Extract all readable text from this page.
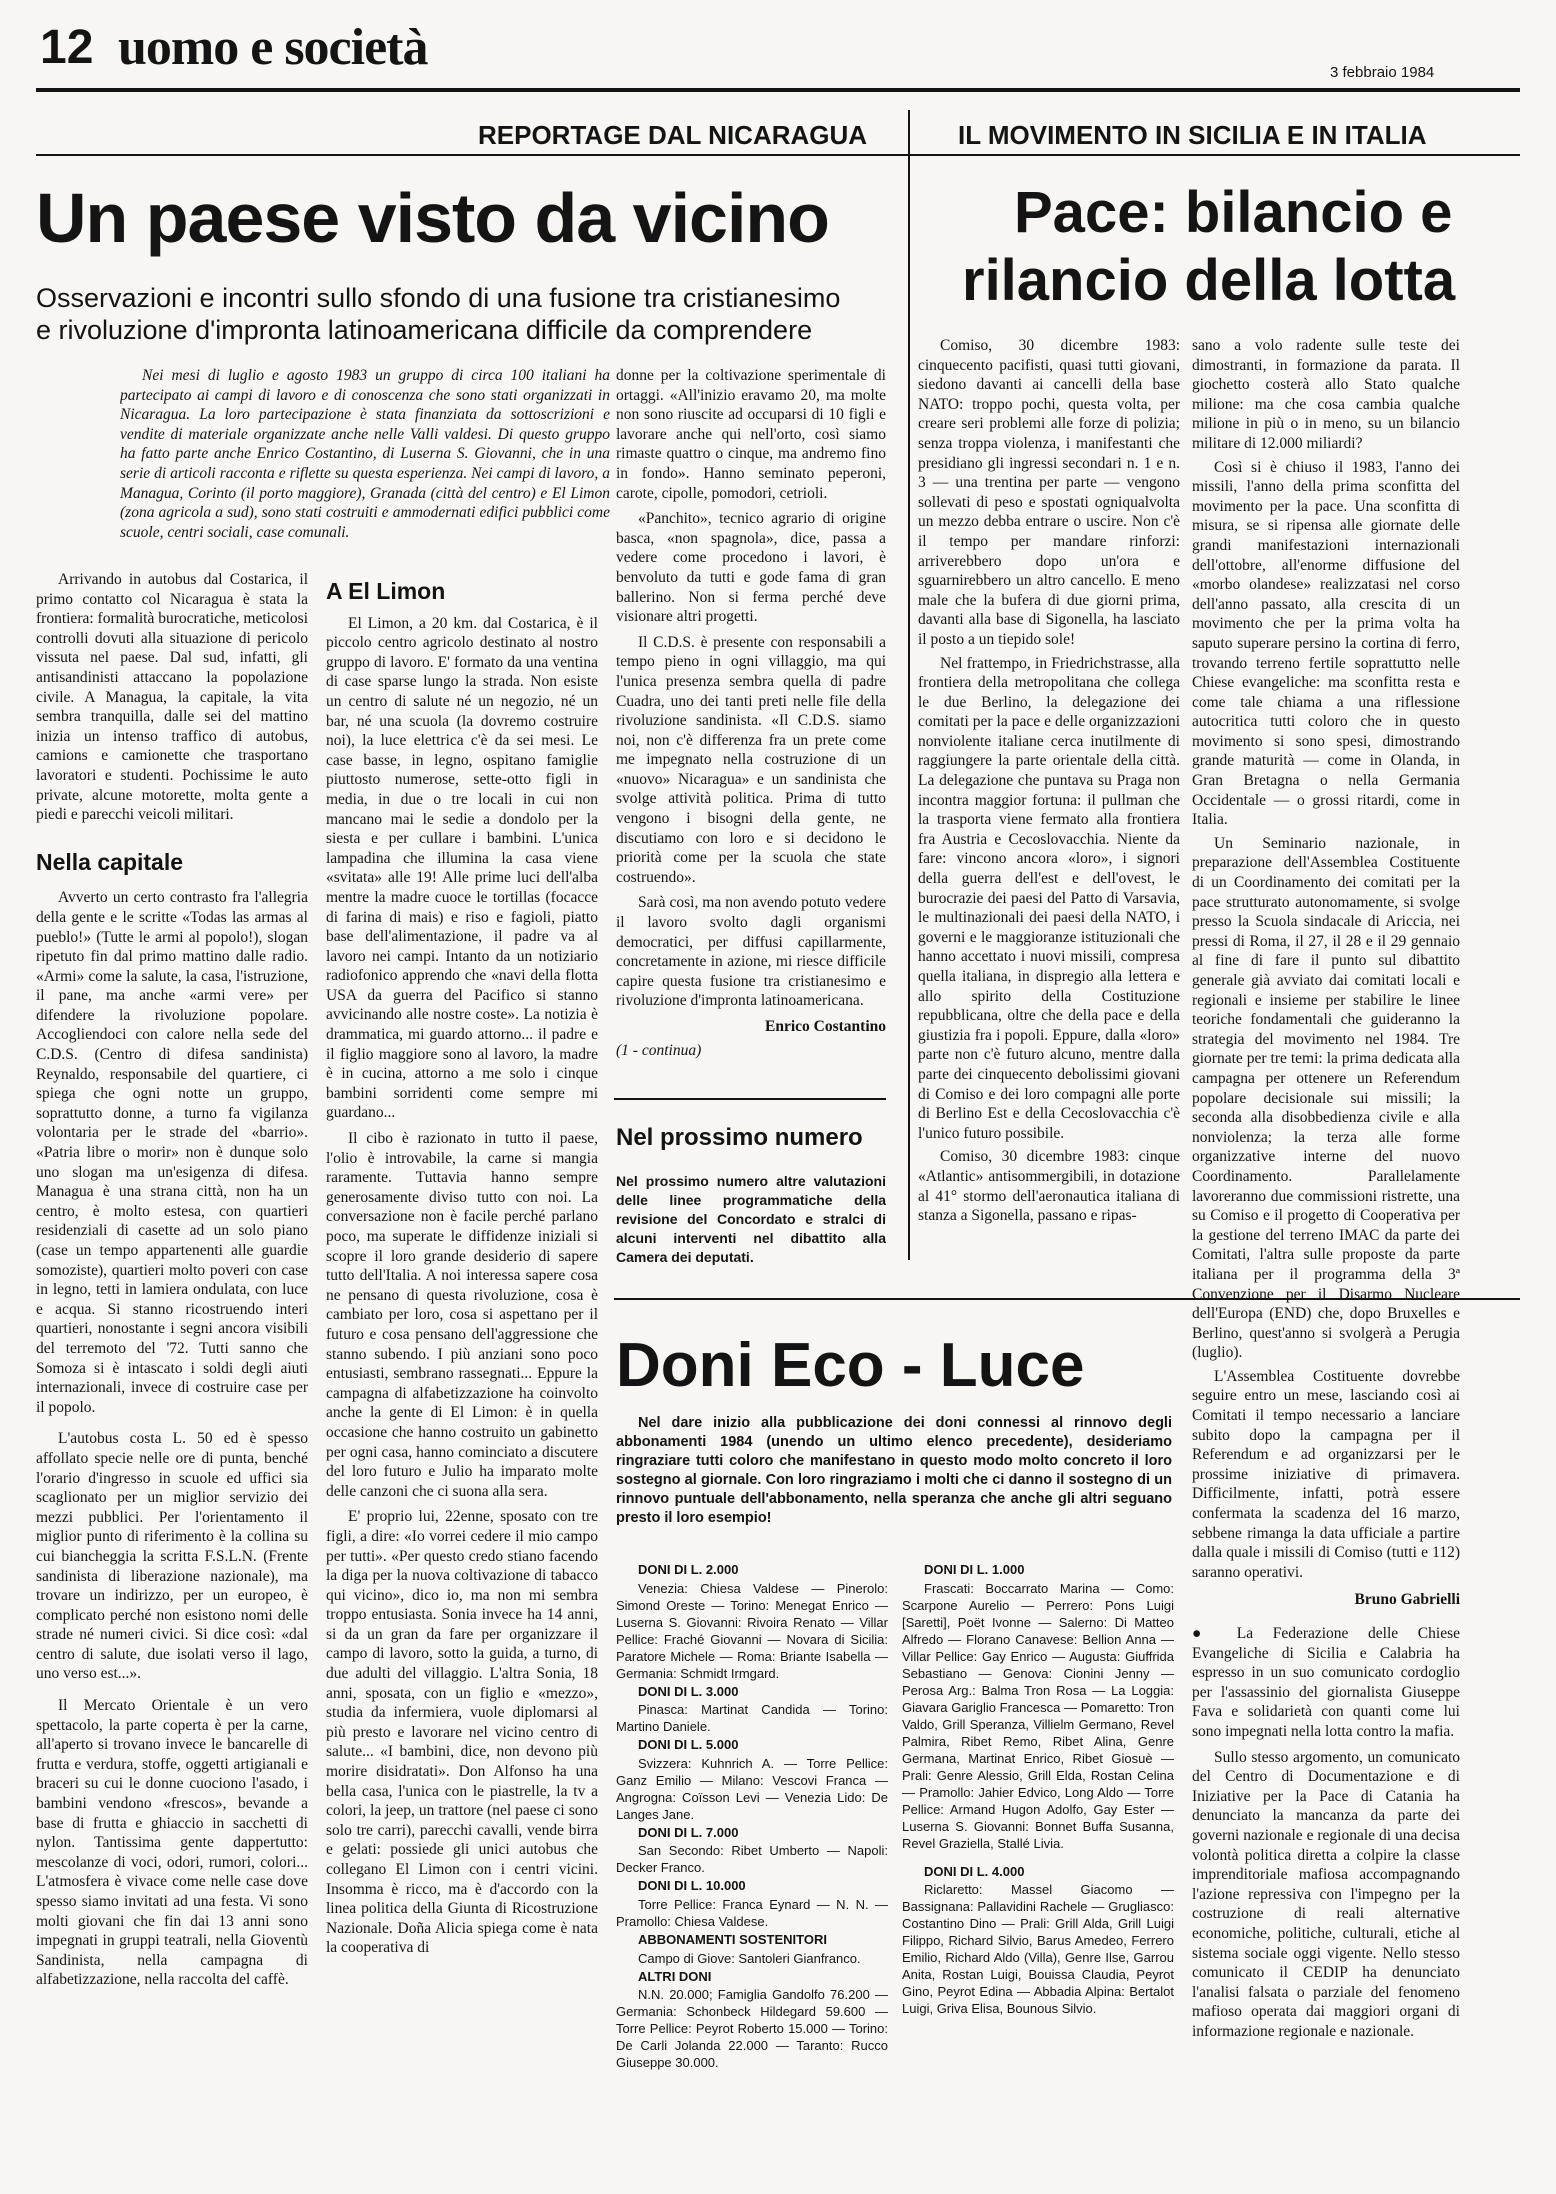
12 uomo e società	3 febbraio 1984
REPORTAGE DAL NICARAGUA	IL MOVIMENTO IN SICILIA E IN ITALIA
Un paese visto da vicino
Osservazioni e incontri sullo sfondo di una fusione tra cristianesimo
e rivoluzione d'impronta latinoamericana difficile da comprendere

Nei mesi di luglio e agosto 1983 un gruppo di circa 100 italiani ha partecipato ai campi di lavoro e di conoscenza che sono stati organizzati in Nicaragua. La loro partecipazione è stata finanziata da sottoscrizioni e vendite di materiale organizzate anche nelle Valli valdesi. Di questo gruppo ha fatto parte anche Enrico Costantino, di Luserna S. Giovanni, che in una serie di articoli racconta e riflette su questa esperienza. Nei campi di lavoro, a Managua, Corinto (il porto maggiore), Granada (città del centro) e El Limon (zona agricola a sud), sono stati costruiti e ammodernati edifici pubblici come scuole, centri sociali, case comunali.

Arrivando in autobus dal Costarica, il primo contatto col Nicaragua è stata la frontiera: formalità burocratiche, meticolosi controlli dovuti alla situazione di pericolo vissuta nel paese. Dal sud, infatti, gli antisandinisti attaccano la popolazione civile. A Managua, la capitale, la vita sembra tranquilla, dalle sei del mattino inizia un intenso traffico di autobus, camions e camionette che trasportano lavoratori e studenti. Pochissime le auto private, alcune motorette, molta gente a piedi e parecchi veicoli militari.

Nella capitale

Avverto un certo contrasto fra l'allegria della gente e le scritte «Todas las armas al pueblo!» (Tutte le armi al popolo!), slogan ripetuto fin dal primo mattino dalle radio. «Armi» come la salute, la casa, l'istruzione, il pane, ma anche «armi vere» per difendere la rivoluzione popolare. Accogliendoci con calore nella sede del C.D.S. (Centro di difesa sandinista) Reynaldo, responsabile del quartiere, ci spiega che ogni notte un gruppo, soprattutto donne, a turno fa vigilanza volontaria per le strade del «barrio». «Patria libre o morir» non è dunque solo uno slogan ma un'esigenza di difesa. Managua è una strana città, non ha un centro, è molto estesa, con quartieri residenziali di casette ad un solo piano (case un tempo appartenenti alle guardie somoziste), quartieri molto poveri con case in legno, tetti in lamiera ondulata, con luce e acqua. Si stanno ricostruendo interi quartieri, nonostante i segni ancora visibili del terremoto del '72. Tutti sanno che Somoza si è intascato i soldi degli aiuti internazionali, invece di costruire case per il popolo.

L'autobus costa L. 50 ed è spesso affollato specie nelle ore di punta, benché l'orario d'ingresso in scuole ed uffici sia scaglionato per un miglior servizio dei mezzi pubblici. Per l'orientamento il miglior punto di riferimento è la collina su cui biancheggia la scritta F.S.L.N. (Frente sandinista di liberazione nazionale), ma trovare un indirizzo, per un europeo, è complicato perché non esistono nomi delle strade né numeri civici. Si dice così: «dal centro di salute, due isolati verso il lago, uno verso est...».

Il Mercato Orientale è un vero spettacolo, la parte coperta è per la carne, all'aperto si trovano invece le bancarelle di frutta e verdura, stoffe, oggetti artigianali e braceri su cui le donne cuociono l'asado, i bambini vendono «frescos», bevande a base di frutta e ghiaccio in sacchetti di nylon. Tantissima gente dappertutto: mescolanze di voci, odori, rumori, colori... L'atmosfera è vivace come nelle case dove spesso siamo invitati ad una festa. Vi sono molti giovani che fin dai 13 anni sono impegnati in gruppi teatrali, nella Gioventù Sandinista, nella campagna di alfabetizzazione, nella raccolta del caffè.

A El Limon

El Limon, a 20 km. dal Costarica, è il piccolo centro agricolo destinato al nostro gruppo di lavoro. E' formato da una ventina di case sparse lungo la strada. Non esiste un centro di salute né un negozio, né un bar, né una scuola (la dovremo costruire noi), la luce elettrica c'è da sei mesi. Le case basse, in legno, ospitano famiglie piuttosto numerose, sette-otto figli in media, in due o tre locali in cui non mancano mai le sedie a dondolo per la siesta e per cullare i bambini. L'unica lampadina che illumina la casa viene «svitata» alle 19! Alle prime luci dell'alba mentre la madre cuoce le tortillas (focacce di farina di mais) e riso e fagioli, piatto base dell'alimentazione, il padre va al lavoro nei campi. Intanto da un notiziario radiofonico apprendo che «navi della flotta USA da guerra del Pacifico si stanno avvicinando alle nostre coste». La notizia è drammatica, mi guardo attorno... il padre e il figlio maggiore sono al lavoro, la madre è in cucina, attorno a me solo i cinque bambini sorridenti come sempre mi guardano...

Il cibo è razionato in tutto il paese, l'olio è introvabile, la carne si mangia raramente. Tuttavia hanno sempre generosamente diviso tutto con noi. La conversazione non è facile perché parlano poco, ma superate le diffidenze iniziali si scopre il loro grande desiderio di sapere tutto dell'Italia. A noi interessa sapere cosa ne pensano di questa rivoluzione, cosa è cambiato per loro, cosa si aspettano per il futuro e cosa pensano dell'aggressione che stanno subendo. I più anziani sono poco entusiasti, sembrano rassegnati... Eppure la campagna di alfabetizzazione ha coinvolto anche la gente di El Limon: è in quella occasione che hanno costruito un gabinetto per ogni casa, hanno cominciato a discutere del loro futuro e Julio ha imparato molte delle canzoni che ci suona alla sera.

E' proprio lui, 22enne, sposato con tre figli, a dire: «Io vorrei cedere il mio campo per tutti». «Per questo credo stiano facendo la diga per la nuova coltivazione di tabacco qui vicino», dico io, ma non mi sembra troppo entusiasta. Sonia invece ha 14 anni, si da un gran da fare per organizzare il campo di lavoro, sotto la guida, a turno, di due adulti del villaggio. L'altra Sonia, 18 anni, sposata, con un figlio e «mezzo», studia da infermiera, vuole diplomarsi al più presto e lavorare nel vicino centro di salute... «I bambini, dice, non devono più morire disidratati». Don Alfonso ha una bella casa, l'unica con le piastrelle, la tv a colori, la jeep, un trattore (nel paese ci sono solo tre carri), parecchi cavalli, vende birra e gelati: possiede gli unici autobus che collegano El Limon con i centri vicini. Insomma è ricco, ma è d'accordo con la linea politica della Giunta di Ricostruzione Nazionale. Doña Alicia spiega come è nata la cooperativa di

donne per la coltivazione sperimentale di ortaggi. «All'inizio eravamo 20, ma molte non sono riuscite ad occuparsi di 10 figli e lavorare anche qui nell'orto, così siamo rimaste quattro o cinque, ma andremo fino in fondo». Hanno seminato peperoni, carote, cipolle, pomodori, cetrioli.

«Panchito», tecnico agrario di origine basca, «non spagnola», dice, passa a vedere come procedono i lavori, è benvoluto da tutti e gode fama di gran ballerino. Non si ferma perché deve visionare altri progetti.

Il C.D.S. è presente con responsabili a tempo pieno in ogni villaggio, ma qui l'unica presenza sembra quella di padre Cuadra, uno dei tanti preti nelle file della rivoluzione sandinista. «Il C.D.S. siamo noi, non c'è differenza fra un prete come me impegnato nella costruzione di un «nuovo» Nicaragua» e un sandinista che svolge attività politica. Prima di tutto vengono i bisogni della gente, ne discutiamo con loro e si decidono le priorità come per la scuola che state costruendo».

Sarà così, ma non avendo potuto vedere il lavoro svolto dagli organismi democratici, per diffusi capillarmente, concretamente in azione, mi riesce difficile capire questa fusione tra cristianesimo e rivoluzione d'impronta latinoamericana.

Enrico Costantino

(1 - continua)

Nel prossimo numero

Nel prossimo numero altre valutazioni delle linee programmatiche della revisione del Concordato e stralci di alcuni interventi nel dibattito alla Camera dei deputati.

Pace: bilancio e
rilancio della lotta

Comiso, 30 dicembre 1983: cinquecento pacifisti, quasi tutti giovani, siedono davanti ai cancelli della base NATO: troppo pochi, questa volta, per creare seri problemi alle forze di polizia; senza troppa violenza, i manifestanti che presidiano gli ingressi secondari n. 1 e n. 3 — una trentina per parte — vengono sollevati di peso e spostati ogniqualvolta un mezzo debba entrare o uscire. Non c'è il tempo per mandare rinforzi: arriverebbero dopo un'ora e sguarnirebbero un altro cancello. E meno male che la bufera di due giorni prima, davanti alla base di Sigonella, ha lasciato il posto a un tiepido sole!

Nel frattempo, in Friedrichstrasse, alla frontiera della metropolitana che collega le due Berlino, la delegazione dei comitati per la pace e delle organizzazioni nonviolente italiane cerca inutilmente di raggiungere la parte orientale della città. La delegazione che puntava su Praga non incontra maggior fortuna: il pullman che la trasporta viene fermato alla frontiera fra Austria e Cecoslovacchia. Niente da fare: vincono ancora «loro», i signori della guerra dell'est e dell'ovest, le burocrazie dei paesi del Patto di Varsavia, le multinazionali dei paesi della NATO, i governi e le maggioranze istituzionali che hanno accettato i nuovi missili, compresa quella italiana, in dispregio alla lettera e allo spirito della Costituzione repubblicana, oltre che della pace e della giustizia fra i popoli. Eppure, dalla «loro» parte non c'è futuro alcuno, mentre dalla parte dei cinquecento debolissimi giovani di Comiso e dei loro compagni alle porte di Berlino Est e della Cecoslovacchia c'è l'unico futuro possibile.

Comiso, 30 dicembre 1983: cinque «Atlantic» antisommergibili, in dotazione al 41° stormo dell'aeronautica italiana di stanza a Sigonella, passano e ripas-

sano a volo radente sulle teste dei dimostranti, in formazione da parata. Il giochetto costerà allo Stato qualche milione: ma che cosa cambia qualche milione in più o in meno, su un bilancio militare di 12.000 miliardi?

Così si è chiuso il 1983, l'anno dei missili, l'anno della prima sconfitta del movimento per la pace. Una sconfitta di misura, se si ripensa alle giornate delle grandi manifestazioni internazionali dell'ottobre, all'enorme diffusione del «morbo olandese» realizzatasi nel corso dell'anno passato, alla crescita di un movimento che per la prima volta ha saputo superare persino la cortina di ferro, trovando terreno fertile soprattutto nelle Chiese evangeliche: ma sconfitta resta e come tale chiama a una riflessione autocritica tutti coloro che in questo movimento si sono spesi, dimostrando grande maturità — come in Olanda, in Gran Bretagna o nella Germania Occidentale — o grossi ritardi, come in Italia.

Un Seminario nazionale, in preparazione dell'Assemblea Costituente di un Coordinamento dei comitati per la pace strutturato autonomamente, si svolge presso la Scuola sindacale di Ariccia, nei pressi di Roma, il 27, il 28 e il 29 gennaio al fine di fare il punto sul dibattito generale già avviato dai comitati locali e regionali e insieme per stabilire le linee teoriche fondamentali che guideranno la strategia del movimento nel 1984. Tre giornate per tre temi: la prima dedicata alla campagna per ottenere un Referendum popolare decisionale sui missili; la seconda alla disobbedienza civile e alla nonviolenza; la terza alle forme organizzative interne del nuovo Coordinamento. Parallelamente lavoreranno due commissioni ristrette, una su Comiso e il progetto di Cooperativa per la gestione del terreno IMAC da parte dei Comitati, l'altra sulle proposte da parte italiana per il programma della 3ª Convenzione per il Disarmo Nucleare dell'Europa (END) che, dopo Bruxelles e Berlino, quest'anno si svolgerà a Perugia (luglio).

L'Assemblea Costituente dovrebbe seguire entro un mese, lasciando così ai Comitati il tempo necessario a lanciare subito dopo la campagna per il Referendum e ad organizzarsi per le prossime iniziative di primavera. Difficilmente, infatti, potrà essere confermata la scadenza del 16 marzo, sebbene rimanga la data ufficiale a partire dalla quale i missili di Comiso (tutti e 112) saranno operativi.

Bruno Gabrielli

● La Federazione delle Chiese Evangeliche di Sicilia e Calabria ha espresso in un suo comunicato cordoglio per l'assassinio del giornalista Giuseppe Fava e solidarietà con quanti come lui sono impegnati nella lotta contro la mafia.

Sullo stesso argomento, un comunicato del Centro di Documentazione e di Iniziative per la Pace di Catania ha denunciato la mancanza da parte dei governi nazionale e regionale di una decisa volontà politica diretta a colpire la classe imprenditoriale mafiosa accompagnando l'azione repressiva con l'impegno per la costruzione di reali alternative economiche, politiche, culturali, etiche al sistema sociale oggi vigente. Nello stesso comunicato il CEDIP ha denunciato l'analisi falsata o parziale del fenomeno mafioso operata dai maggiori organi di informazione regionale e nazionale.

Doni Eco - Luce

Nel dare inizio alla pubblicazione dei doni connessi al rinnovo degli abbonamenti 1984 (unendo un ultimo elenco precedente), desideriamo ringraziare tutti coloro che manifestano in questo modo molto concreto il loro sostegno al giornale. Con loro ringraziamo i molti che ci danno il sostegno di un rinnovo puntuale dell'abbonamento, nella speranza che anche gli altri seguano presto il loro esempio!

DONI DI L. 2.000

Venezia: Chiesa Valdese — Pinerolo: Simond Oreste — Torino: Menegat Enrico — Luserna S. Giovanni: Rivoira Renato — Villar Pellice: Fraché Giovanni — Novara di Sicilia: Paratore Michele — Roma: Briante Isabella — Germania: Schmidt Irmgard.

DONI DI L. 3.000

Pinasca: Martinat Candida — Torino: Martino Daniele.

DONI DI L. 5.000

Svizzera: Kuhnrich A. — Torre Pellice: Ganz Emilio — Milano: Vescovi Franca — Angrogna: Coïsson Levi — Venezia Lido: De Langes Jane.

DONI DI L. 7.000

San Secondo: Ribet Umberto — Napoli: Decker Franco.

DONI DI L. 10.000

Torre Pellice: Franca Eynard — N. N. — Pramollo: Chiesa Valdese.

ABBONAMENTI SOSTENITORI

Campo di Giove: Santoleri Gianfranco.

ALTRI DONI

N.N. 20.000; Famiglia Gandolfo 76.200 — Germania: Schonbeck Hildegard 59.600 — Torre Pellice: Peyrot Roberto 15.000 — Torino: De Carli Jolanda 22.000 — Taranto: Rucco Giuseppe 30.000.

DONI DI L. 1.000

Frascati: Boccarrato Marina — Como: Scarpone Aurelio — Perrero: Pons Luigi [Saretti], Poët Ivonne — Salerno: Di Matteo Alfredo — Florano Canavese: Bellion Anna — Villar Pellice: Gay Enrico — Augusta: Giuffrida Sebastiano — Genova: Cionini Jenny — Perosa Arg.: Balma Tron Rosa — La Loggia: Giavara Gariglio Francesca — Pomaretto: Tron Valdo, Grill Speranza, Villielm Germano, Revel Palmira, Ribet Remo, Ribet Alina, Genre Germana, Martinat Enrico, Ribet Giosuè — Prali: Genre Alessio, Grill Elda, Rostan Celina — Pramollo: Jahier Edvico, Long Aldo — Torre Pellice: Armand Hugon Adolfo, Gay Ester — Luserna S. Giovanni: Bonnet Buffa Susanna, Revel Graziella, Stallé Livia.

DONI DI L. 4.000

Riclaretto: Massel Giacomo — Bassignana: Pallavidini Rachele — Grugliasco: Costantino Dino — Prali: Grill Alda, Grill Luigi Filippo, Richard Silvio, Barus Amedeo, Ferrero Emilio, Richard Aldo (Villa), Genre Ilse, Garrou Anita, Rostan Luigi, Bouissa Claudia, Peyrot Gino, Peyrot Edina — Abbadia Alpina: Bertalot Luigi, Griva Elisa, Bounous Silvio.
